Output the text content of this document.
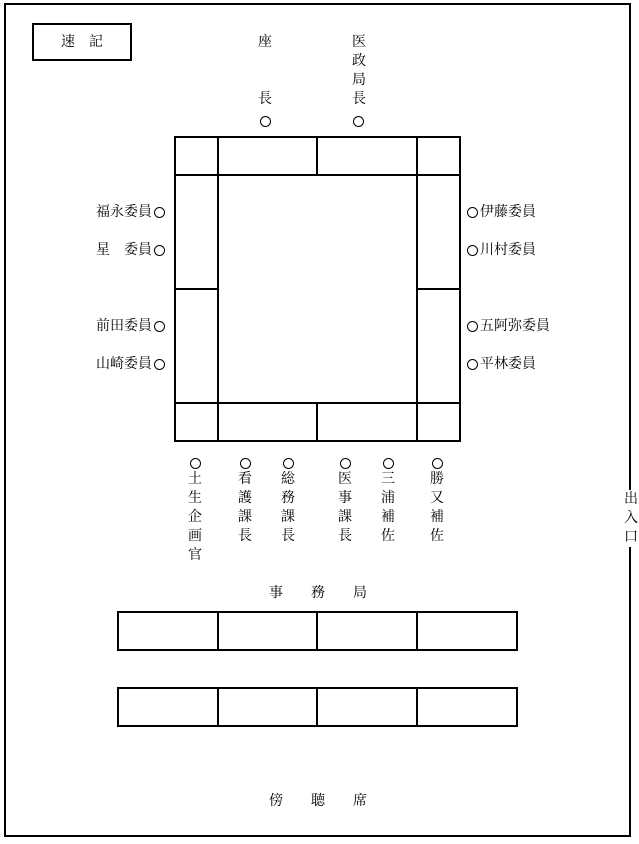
速　記	座
長
医
政
局
長
福永委員
星　委員
前田委員
山崎委員
伊藤委員
川村委員
五阿弥委員
平林委員
土
生
企
画
官
看
護
課
長
総
務
課
長
医
事
課
長
三
浦
補
佐
勝
又
補
佐
出
入
口
事　　務　　局
傍　　聴　　席
